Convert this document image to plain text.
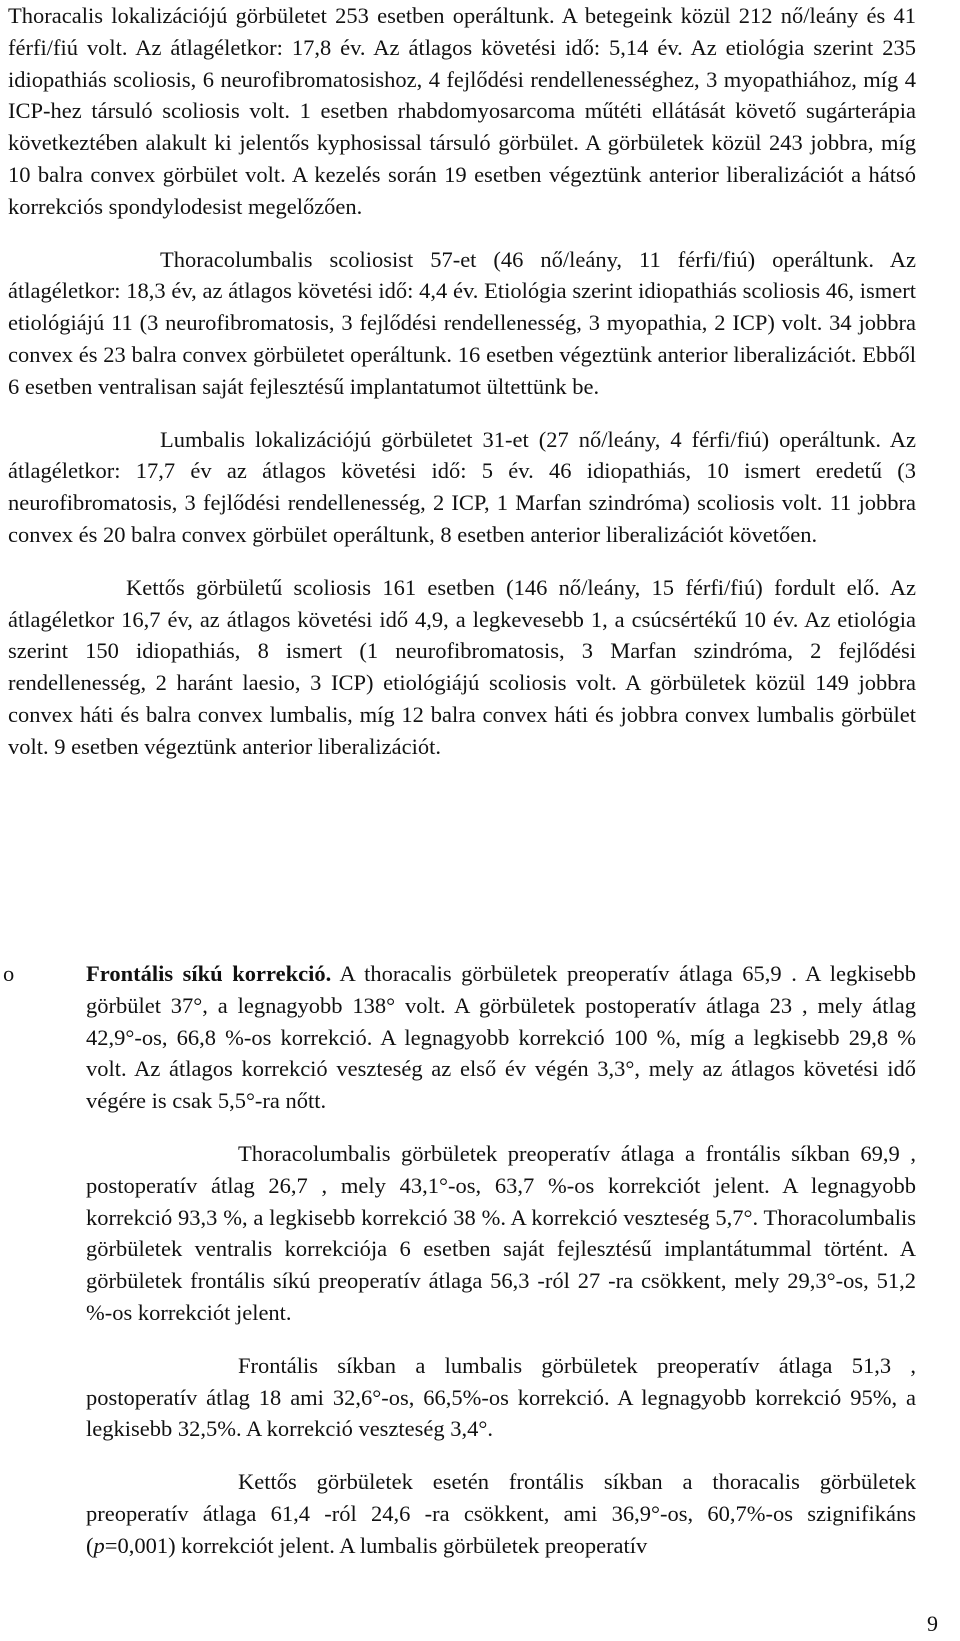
Thoracalis lokalizációjú görbületet 253 esetben operáltunk. A betegeink közül 212 nő/leány és 41 férfi/fiú volt. Az átlagéletkor: 17,8 év. Az átlagos követési idő: 5,14 év. Az etiológia szerint 235 idiopathiás scoliosis, 6 neurofibromatosishoz, 4 fejlődési rendellenességhez, 3 myopathiához, míg 4 ICP-hez társuló scoliosis volt. 1 esetben rhabdomyosarcoma műtéti ellátását követő sugárterápia következtében alakult ki jelentős kyphosissal társuló görbület. A görbületek közül 243 jobbra, míg 10 balra convex görbület volt. A kezelés során 19 esetben végeztünk anterior liberalizációt a hátsó korrekciós spondylodesist megelőzően.

Thoracolumbalis scoliosist 57-et (46 nő/leány, 11 férfi/fiú) operáltunk. Az átlagéletkor: 18,3 év, az átlagos követési idő: 4,4 év. Etiológia szerint idiopathiás scoliosis 46, ismert etiológiájú 11 (3 neurofibromatosis, 3 fejlődési rendellenesség, 3 myopathia, 2 ICP) volt. 34 jobbra convex és 23 balra convex görbületet operáltunk. 16 esetben végeztünk anterior liberalizációt. Ebből 6 esetben ventralisan saját fejlesztésű implantatumot ültettünk be.

Lumbalis lokalizációjú görbületet 31-et (27 nő/leány, 4 férfi/fiú) operáltunk. Az átlagéletkor: 17,7 év az átlagos követési idő: 5 év. 46 idiopathiás, 10 ismert eredetű (3 neurofibromatosis, 3 fejlődési rendellenesség, 2 ICP, 1 Marfan szindróma) scoliosis volt. 11 jobbra convex és 20 balra convex görbület operáltunk, 8 esetben anterior liberalizációt követően.

Kettős görbületű scoliosis 161 esetben (146 nő/leány, 15 férfi/fiú) fordult elő. Az átlagéletkor 16,7 év, az átlagos követési idő 4,9, a legkevesebb 1, a csúcsértékű 10 év. Az etiológia szerint 150 idiopathiás, 8 ismert (1 neurofibromatosis, 3 Marfan szindróma, 2 fejlődési rendellenesség, 2 haránt laesio, 3 ICP) etiológiájú scoliosis volt. A görbületek közül 149 jobbra convex háti és balra convex lumbalis, míg 12 balra convex háti és jobbra convex lumbalis görbület volt. 9 esetben végeztünk anterior liberalizációt.

o	Frontális síkú korrekció. A thoracalis görbületek preoperatív átlaga 65,9 . A legkisebb görbület 37°, a legnagyobb 138° volt. A görbületek postoperatív átlaga 23 , mely átlag 42,9°-os, 66,8 %-os korrekció. A legnagyobb korrekció 100 %, míg a legkisebb 29,8 % volt. Az átlagos korrekció veszteség az első év végén 3,3°, mely az átlagos követési idő végére is csak 5,5°-ra nőtt.

Thoracolumbalis görbületek preoperatív átlaga a frontális síkban 69,9 , postoperatív átlag 26,7 , mely 43,1°-os, 63,7 %-os korrekciót jelent. A legnagyobb korrekció 93,3 %, a legkisebb korrekció 38 %. A korrekció veszteség 5,7°. Thoracolumbalis görbületek ventralis korrekciója 6 esetben saját fejlesztésű implantátummal történt. A görbületek frontális síkú preoperatív átlaga 56,3 -ról 27 -ra csökkent, mely 29,3°-os, 51,2 %-os korrekciót jelent.

Frontális síkban a lumbalis görbületek preoperatív átlaga 51,3 , postoperatív átlag 18 ami 32,6°-os, 66,5%-os korrekció. A legnagyobb korrekció 95%, a legkisebb 32,5%. A korrekció veszteség 3,4°.

Kettős görbületek esetén frontális síkban a thoracalis görbületek preoperatív átlaga 61,4 -ról 24,6 -ra csökkent, ami 36,9°-os, 60,7%-os szignifikáns (p=0,001) korrekciót jelent. A lumbalis görbületek preoperatív

9
